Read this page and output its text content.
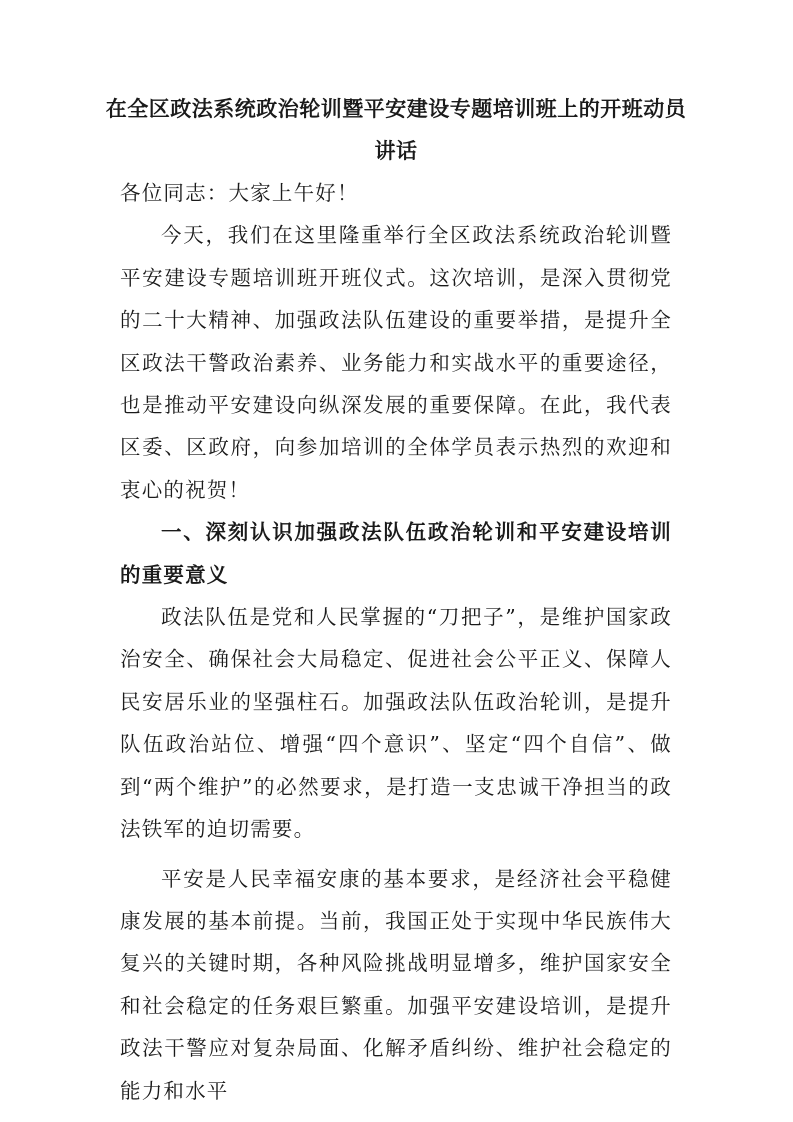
在全区政法系统政治轮训暨平安建设专题培训班上的开班动员讲话

各位同志：大家上午好！

今天，我们在这里隆重举行全区政法系统政治轮训暨平安建设专题培训班开班仪式。这次培训，是深入贯彻党的二十大精神、加强政法队伍建设的重要举措，是提升全区政法干警政治素养、业务能力和实战水平的重要途径，也是推动平安建设向纵深发展的重要保障。在此，我代表区委、区政府，向参加培训的全体学员表示热烈的欢迎和衷心的祝贺！

一、深刻认识加强政法队伍政治轮训和平安建设培训的重要意义

政法队伍是党和人民掌握的“刀把子”，是维护国家政治安全、确保社会大局稳定、促进社会公平正义、保障人民安居乐业的坚强柱石。加强政法队伍政治轮训，是提升队伍政治站位、增强“四个意识”、坚定“四个自信”、做到“两个维护”的必然要求，是打造一支忠诚干净担当的政法铁军的迫切需要。

平安是人民幸福安康的基本要求，是经济社会平稳健康发展的基本前提。当前，我国正处于实现中华民族伟大复兴的关键时期，各种风险挑战明显增多，维护国家安全和社会稳定的任务艰巨繁重。加强平安建设培训，是提升政法干警应对复杂局面、化解矛盾纠纷、维护社会稳定的能力和水平
